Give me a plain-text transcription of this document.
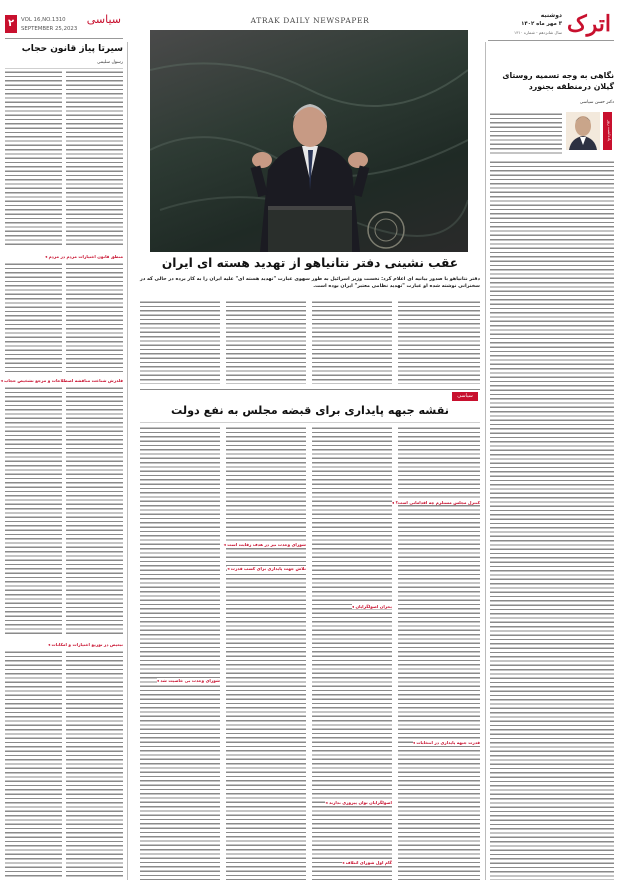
۲	VOL 16,NO.1310
SEPTEMBER 25,2023
سیاسی	ATRAK DAILY NEWSPAPER	اترک
دوشنبه
۳ مهر ماه ۱۴۰۲
سال شانزدهم - شماره ۱۳۱۰
سیرتا پیاز قانون حجاب
رسول سلیمی
منطق قانون اختیارات مردم در مردم ◂
قلدرش شناخت مناقشه اصطلاحات و مرجع تشخیص حجاب ◂
تبعیض در توزیع اختیارات و امکانات ◂
عقب نشینی دفتر نتانیاهو از تهدید هسته ای ایران
دفتر نتانیاهو با صدور بیانیه ای اعلام کرد: نخست وزیر اسرائیل به طور سهوی عبارت "تهدید هسته ای" علیه ایران را به کار برده در حالی که در سخنرانی نوشته شده او عبارت "تهدید نظامی معتبر" ایران بوده است.
سیاسی
نقشه جبهه پایداری برای قبضه مجلس به نفع دولت
کنترل مجلس مستلزم چه اقداماتی است؟ ◂
شورای وحدت نیز در هدف رقابت است ◂
تلاش جهت پایداری برای کسب قدرت ◂
بحران اصولگرایان ◂
شورای وحدت بی خاصیت شد ◂
قدرت جبهه پایداری در انتخابات ◂
اصولگرایان توان پیروزی ندارند ◂
گام اول شورای ائتلاف ◂
نگاهی به وجه تسمیه روستای گیلان درمنطقه بجنورد
دکتر حسن سیاسی
یادداشت روز
